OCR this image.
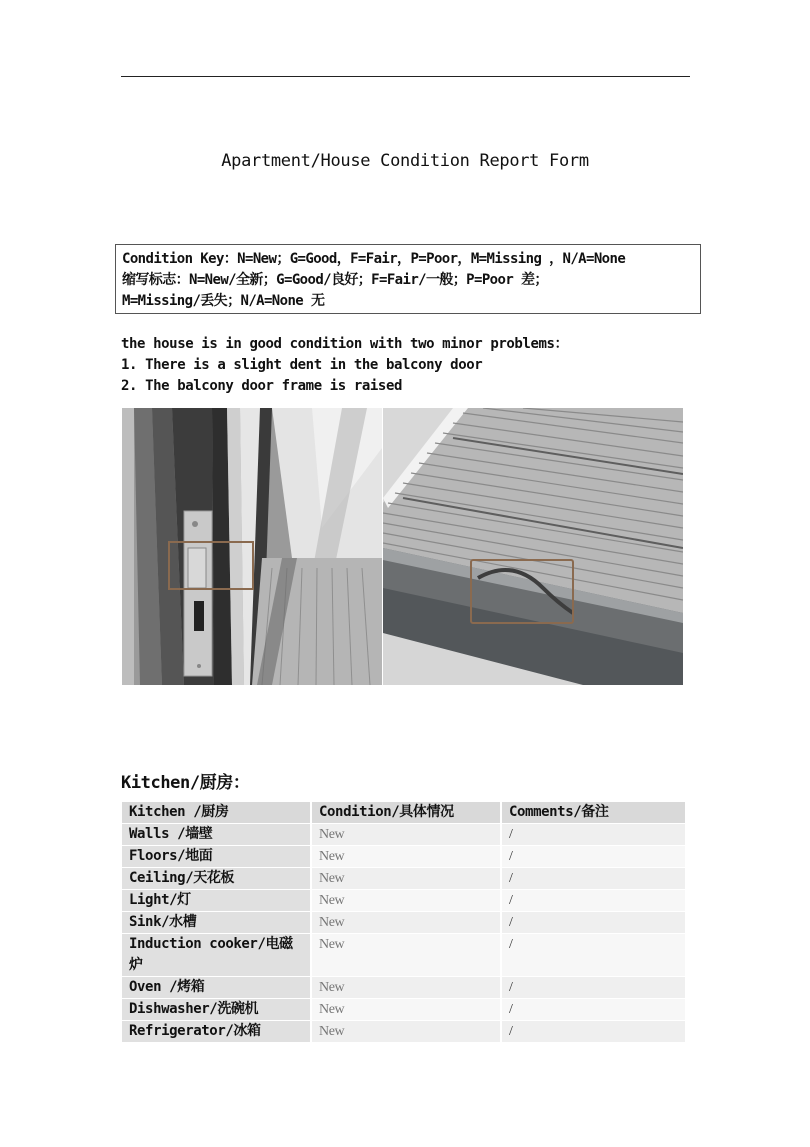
Apartment/House Condition Report Form
Condition Key：N=New；G=Good，F=Fair，P=Poor，M=Missing ，N/A=None
缩写标志：N=New/全新；G=Good/良好；F=Fair/一般；P=Poor 差；
M=Missing/丢失；N/A=None 无
the house is in good condition with two minor problems：
1. There is a slight dent in the balcony door
2. The balcony door frame is raised
Kitchen/厨房：
Kitchen /厨房	Condition/具体情况	Comments/备注
Walls /墙壁	New	/
Floors/地面	New	/
Ceiling/天花板	New	/
Light/灯	New	/
Sink/水槽	New	/
Induction cooker/电磁炉	New	/
Oven /烤箱	New	/
Dishwasher/洗碗机	New	/
Refrigerator/冰箱	New	/
